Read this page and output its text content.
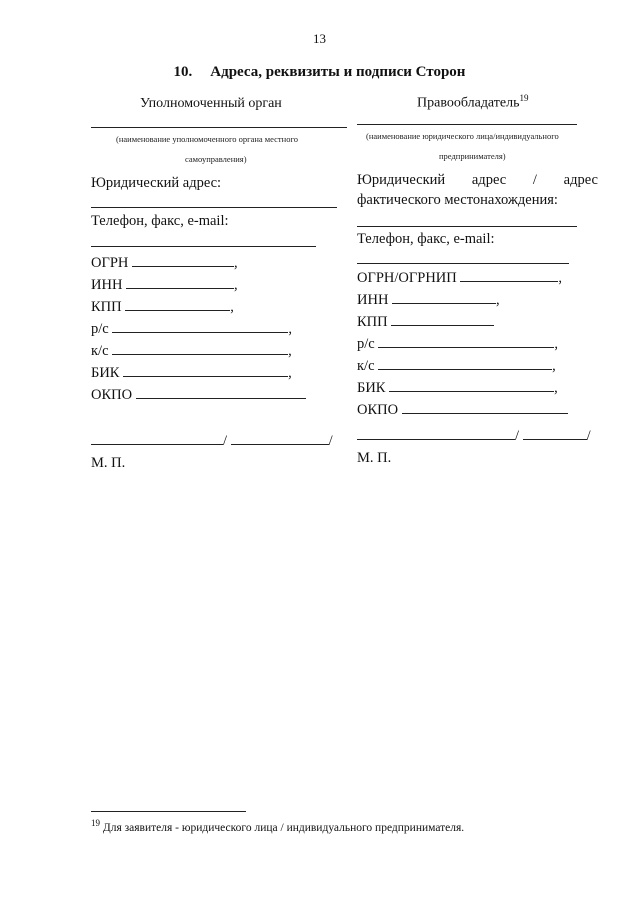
13
10. Адреса, реквизиты и подписи Сторон
Уполномоченный орган
(наименование уполномоченного органа местного
самоуправления)
Юридический адрес:
Телефон, факс, e-mail:
ОГРН	,
ИНН	,
КПП	,
р/с	,
к/с	,
БИК	,
ОКПО
/	/
М. П.
Правообладатель$^{19}$
(наименование юридического лица/индивидуального
предпринимателя)
Юридический адрес / адрес
фактического местонахождения:
Телефон, факс, e-mail:
ОГРН/ОГРНИП	,
ИНН	,
КПП
р/с	,
к/с	,
БИК	,
ОКПО
/	/
М. П.
$^{19}$ Для заявителя - юридического лица / индивидуального предпринимателя.
